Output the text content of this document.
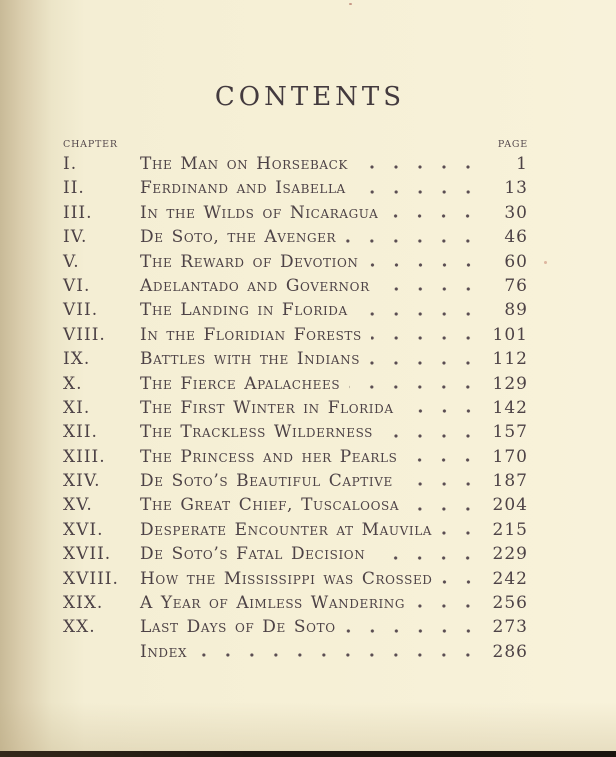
CONTENTS
CHAPTER	PAGE
I.	The Man on Horseback	1
II.	Ferdinand and Isabella	13
III.	In the Wilds of Nicaragua	30
IV.	De Soto, the Avenger	46
V.	The Reward of Devotion	60
VI.	Adelantado and Governor	76
VII.	The Landing in Florida	89
VIII.	In the Floridian Forests	101
IX.	Battles with the Indians	112
X.	The Fierce Apalachees	129
XI.	The First Winter in Florida	142
XII.	The Trackless Wilderness	157
XIII.	The Princess and her Pearls	170
XIV.	De Soto’s Beautiful Captive	187
XV.	The Great Chief, Tuscaloosa	204
XVI.	Desperate Encounter at Mauvila	215
XVII.	De Soto’s Fatal Decision	229
XVIII.	How the Mississippi was Crossed	242
XIX.	A Year of Aimless Wandering	256
XX.	Last Days of De Soto	273
Index	286
